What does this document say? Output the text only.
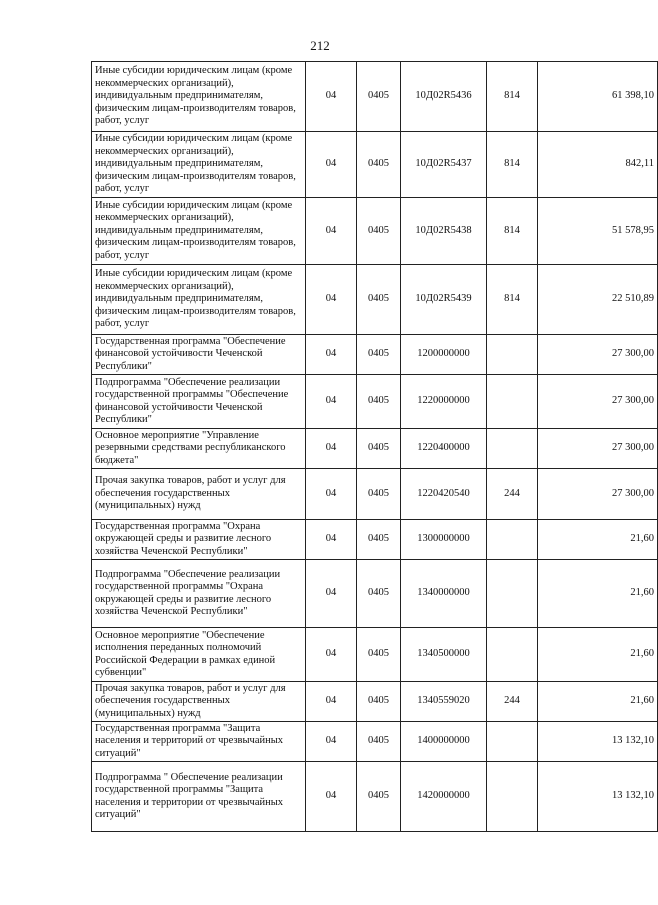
212
Иные субсидии юридическим лицам (кроме некоммерческих организаций), индивидуальным предпринимателям, физическим лицам-производителям товаров, работ, услуг	04	0405	10Д02R5436	814	61 398,10
Иные субсидии юридическим лицам (кроме некоммерческих организаций), индивидуальным предпринимателям, физическим лицам-производителям товаров, работ, услуг	04	0405	10Д02R5437	814	842,11
Иные субсидии юридическим лицам (кроме некоммерческих организаций), индивидуальным предпринимателям, физическим лицам-производителям товаров, работ, услуг	04	0405	10Д02R5438	814	51 578,95
Иные субсидии юридическим лицам (кроме некоммерческих организаций), индивидуальным предпринимателям, физическим лицам-производителям товаров, работ, услуг	04	0405	10Д02R5439	814	22 510,89
Государственная программа "Обеспечение финансовой устойчивости Чеченской Республики"	04	0405	1200000000		27 300,00
Подпрограмма "Обеспечение реализации государственной программы "Обеспечение финансовой устойчивости Чеченской Республики"	04	0405	1220000000		27 300,00
Основное мероприятие "Управление резервными средствами республиканского бюджета"	04	0405	1220400000		27 300,00
Прочая закупка товаров, работ и услуг для обеспечения государственных (муниципальных) нужд	04	0405	1220420540	244	27 300,00
Государственная программа "Охрана окружающей среды и развитие лесного хозяйства Чеченской Республики"	04	0405	1300000000		21,60
Подпрограмма "Обеспечение реализации государственной программы "Охрана окружающей среды и развитие лесного хозяйства Чеченской Республики"	04	0405	1340000000		21,60
Основное мероприятие "Обеспечение исполнения переданных полномочий Российской Федерации в рамках единой субвенции"	04	0405	1340500000		21,60
Прочая закупка товаров, работ и услуг для обеспечения государственных (муниципальных) нужд	04	0405	1340559020	244	21,60
Государственная программа "Защита населения и территорий от чрезвычайных ситуаций"	04	0405	1400000000		13 132,10
Подпрограмма " Обеспечение реализации государственной программы "Защита населения и территории от чрезвычайных ситуаций"	04	0405	1420000000		13 132,10
